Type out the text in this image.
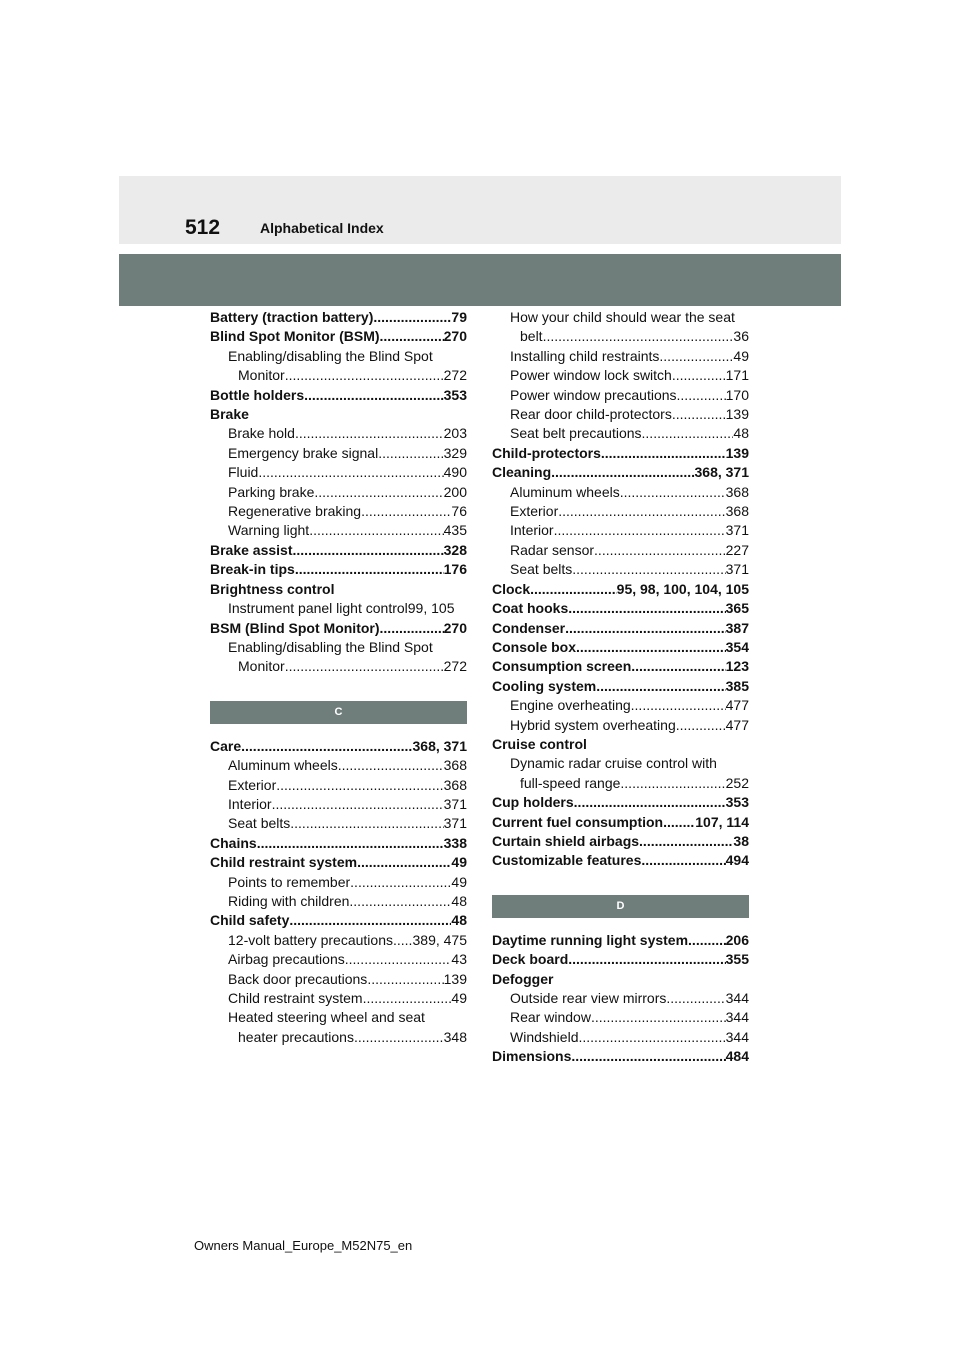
512	Alphabetical Index
Battery (traction battery) .....	79
Blind Spot Monitor (BSM) .....	270
Enabling/disabling the Blind Spot
Monitor .....	272
Bottle holders .....	353
Brake
Brake hold .....	203
Emergency brake signal .....	329
Fluid .....	490
Parking brake .....	200
Regenerative braking .....	76
Warning light .....	435
Brake assist .....	328
Break-in tips .....	176
Brightness control
Instrument panel light control99, 105
BSM (Blind Spot Monitor) .....	270
Enabling/disabling the Blind Spot
Monitor .....	272
C
Care .....	368, 371
Aluminum wheels .....	368
Exterior .....	368
Interior .....	371
Seat belts .....	371
Chains .....	338
Child restraint system .....	49
Points to remember .....	49
Riding with children .....	48
Child safety .....	48
12-volt battery precautions ..... 389, 475
Airbag precautions .....	43
Back door precautions .....	139
Child restraint system .....	49
Heated steering wheel and seat
heater precautions .....	348
How your child should wear the seat
belt .....	36
Installing child restraints .....	49
Power window lock switch .....	171
Power window precautions .....	170
Rear door child-protectors .....	139
Seat belt precautions .....	48
Child-protectors .....	139
Cleaning .....	368, 371
Aluminum wheels .....	368
Exterior .....	368
Interior .....	371
Radar sensor .....	227
Seat belts .....	371
Clock .....	95, 98, 100, 104, 105
Coat hooks .....	365
Condenser .....	387
Console box .....	354
Consumption screen .....	123
Cooling system .....	385
Engine overheating .....	477
Hybrid system overheating .....	477
Cruise control
Dynamic radar cruise control with
full-speed range .....	252
Cup holders .....	353
Current fuel consumption ..... 107, 114
Curtain shield airbags .....	38
Customizable features .....	494
D
Daytime running light system .....	206
Deck board .....	355
Defogger
Outside rear view mirrors .....	344
Rear window .....	344
Windshield .....	344
Dimensions .....	484
Owners Manual_Europe_M52N75_en
